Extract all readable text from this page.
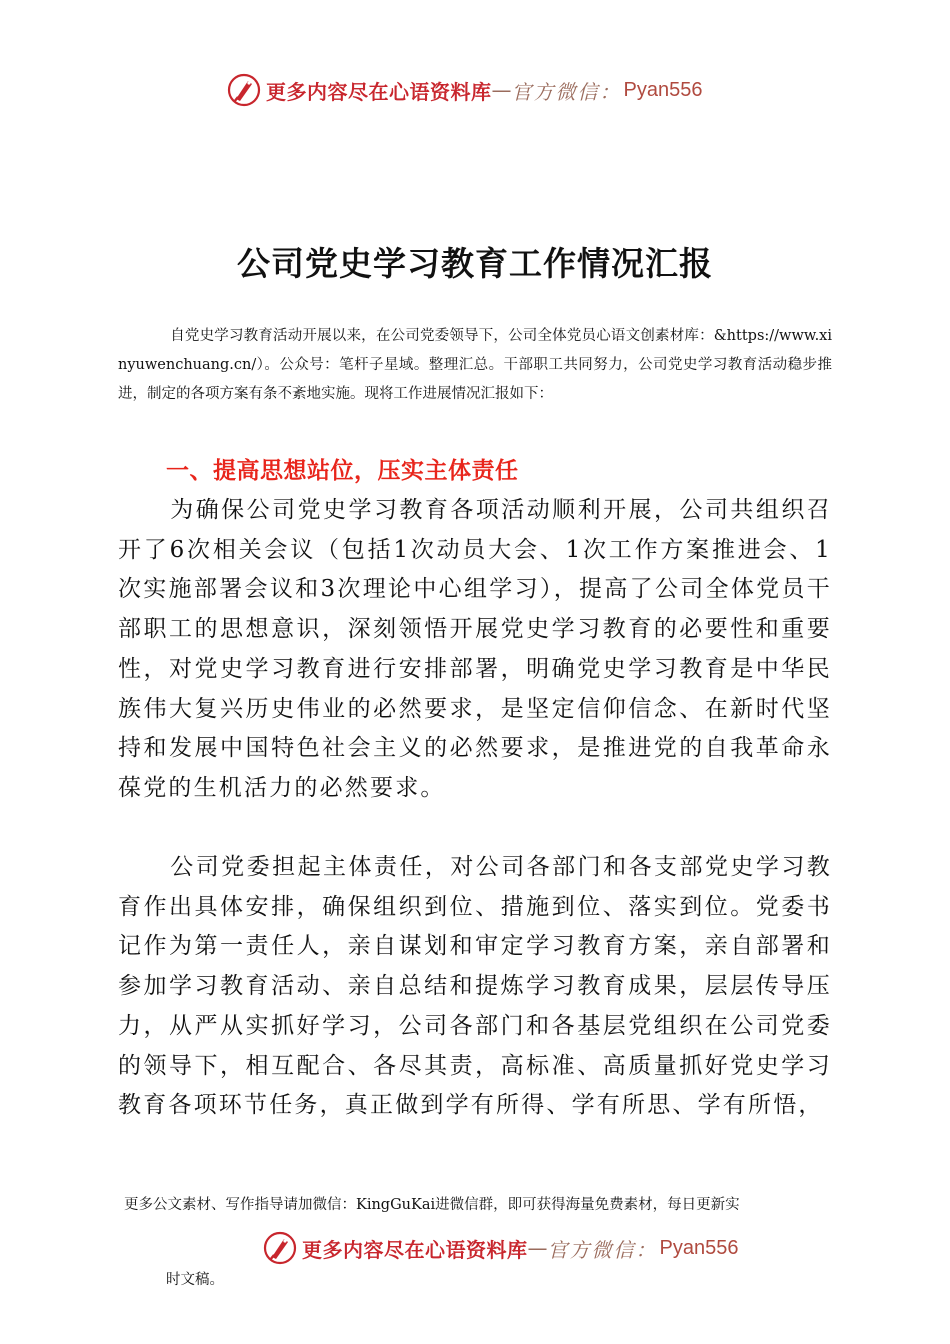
更多内容尽在心语资料库 — 官方微信： Pyan556
公司党史学习教育工作情况汇报

自党史学习教育活动开展以来，在公司党委领导下，公司全体党员心语文创素材库：&https://www.xinyuwenchuang.cn/）。公众号：笔杆子星域。整理汇总。干部职工共同努力，公司党史学习教育活动稳步推进，制定的各项方案有条不紊地实施。现将工作进展情况汇报如下：

一、提高思想站位，压实主体责任

为确保公司党史学习教育各项活动顺利开展，公司共组织召开了6次相关会议（包括1次动员大会、1次工作方案推进会、1次实施部署会议和3次理论中心组学习），提高了公司全体党员干部职工的思想意识，深刻领悟开展党史学习教育的必要性和重要性，对党史学习教育进行安排部署，明确党史学习教育是中华民族伟大复兴历史伟业的必然要求，是坚定信仰信念、在新时代坚持和发展中国特色社会主义的必然要求，是推进党的自我革命永葆党的生机活力的必然要求。

公司党委担起主体责任，对公司各部门和各支部党史学习教育作出具体安排，确保组织到位、措施到位、落实到位。党委书记作为第一责任人，亲自谋划和审定学习教育方案，亲自部署和参加学习教育活动、亲自总结和提炼学习教育成果，层层传导压力，从严从实抓好学习，公司各部门和各基层党组织在公司党委的领导下，相互配合、各尽其责，高标准、高质量抓好党史学习教育各项环节任务，真正做到学有所得、学有所思、学有所悟，

更多公文素材、写作指导请加微信：KingGuKai进微信群，即可获得海量免费素材，每日更新实

更多内容尽在心语资料库 — 官方微信： Pyan556

时文稿。
